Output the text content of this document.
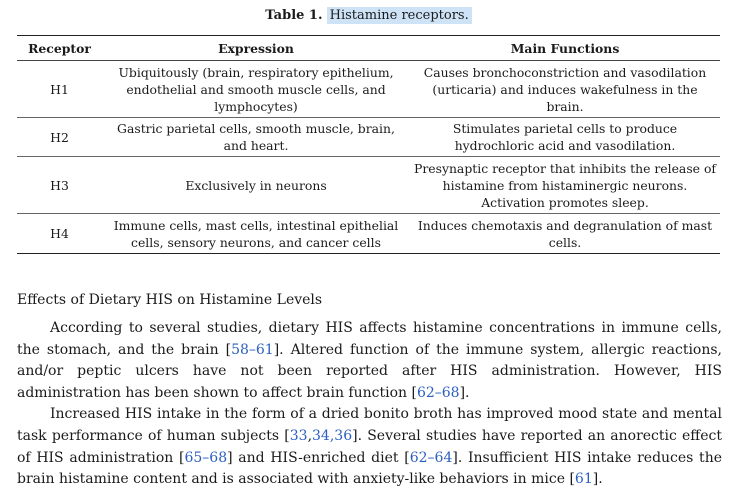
Table 1. Histamine receptors.
Receptor	Expression	Main Functions
H1	Ubiquitously (brain, respiratory epithelium, endothelial and smooth muscle cells, and lymphocytes)	Causes bronchoconstriction and vasodilation (urticaria) and induces wakefulness in the brain.
H2	Gastric parietal cells, smooth muscle, brain, and heart.	Stimulates parietal cells to produce hydrochloric acid and vasodilation.
H3	Exclusively in neurons	Presynaptic receptor that inhibits the release of histamine from histaminergic neurons. Activation promotes sleep.
H4	Immune cells, mast cells, intestinal epithelial cells, sensory neurons, and cancer cells	Induces chemotaxis and degranulation of mast cells.
Effects of Dietary HIS on Histamine Levels

According to several studies, dietary HIS affects histamine concentrations in immune cells, the stomach, and the brain [58–61]. Altered function of the immune system, allergic reactions, and/or peptic ulcers have not been reported after HIS administration. However, HIS administration has been shown to affect brain function [62–68].

Increased HIS intake in the form of a dried bonito broth has improved mood state and mental task performance of human subjects [33,34,36]. Several studies have reported an anorectic effect of HIS administration [65–68] and HIS-enriched diet [62–64]. Insufficient HIS intake reduces the brain histamine content and is associated with anxiety-like behaviors in mice [61].
